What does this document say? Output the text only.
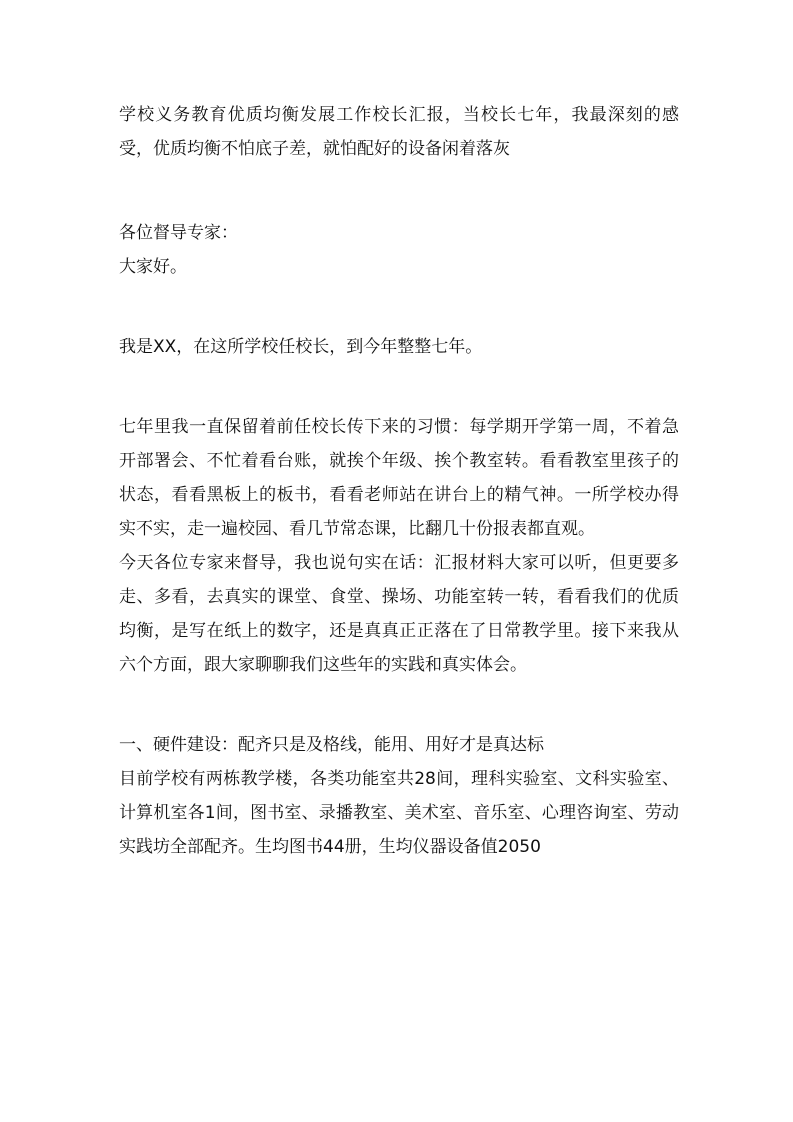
学校义务教育优质均衡发展工作校长汇报，当校长七年，我最深刻的感受，优质均衡不怕底子差，就怕配好的设备闲着落灰

各位督导专家：

大家好。

我是XX，在这所学校任校长，到今年整整七年。

七年里我一直保留着前任校长传下来的习惯：每学期开学第一周，不着急开部署会、不忙着看台账，就挨个年级、挨个教室转。看看教室里孩子的状态，看看黑板上的板书，看看老师站在讲台上的精气神。一所学校办得实不实，走一遍校园、看几节常态课，比翻几十份报表都直观。

今天各位专家来督导，我也说句实在话：汇报材料大家可以听，但更要多走、多看，去真实的课堂、食堂、操场、功能室转一转，看看我们的优质均衡，是写在纸上的数字，还是真真正正落在了日常教学里。接下来我从六个方面，跟大家聊聊我们这些年的实践和真实体会。

一、硬件建设：配齐只是及格线，能用、用好才是真达标

目前学校有两栋教学楼，各类功能室共28间，理科实验室、文科实验室、计算机室各1间，图书室、录播教室、美术室、音乐室、心理咨询室、劳动实践坊全部配齐。生均图书44册，生均仪器设备值2050
